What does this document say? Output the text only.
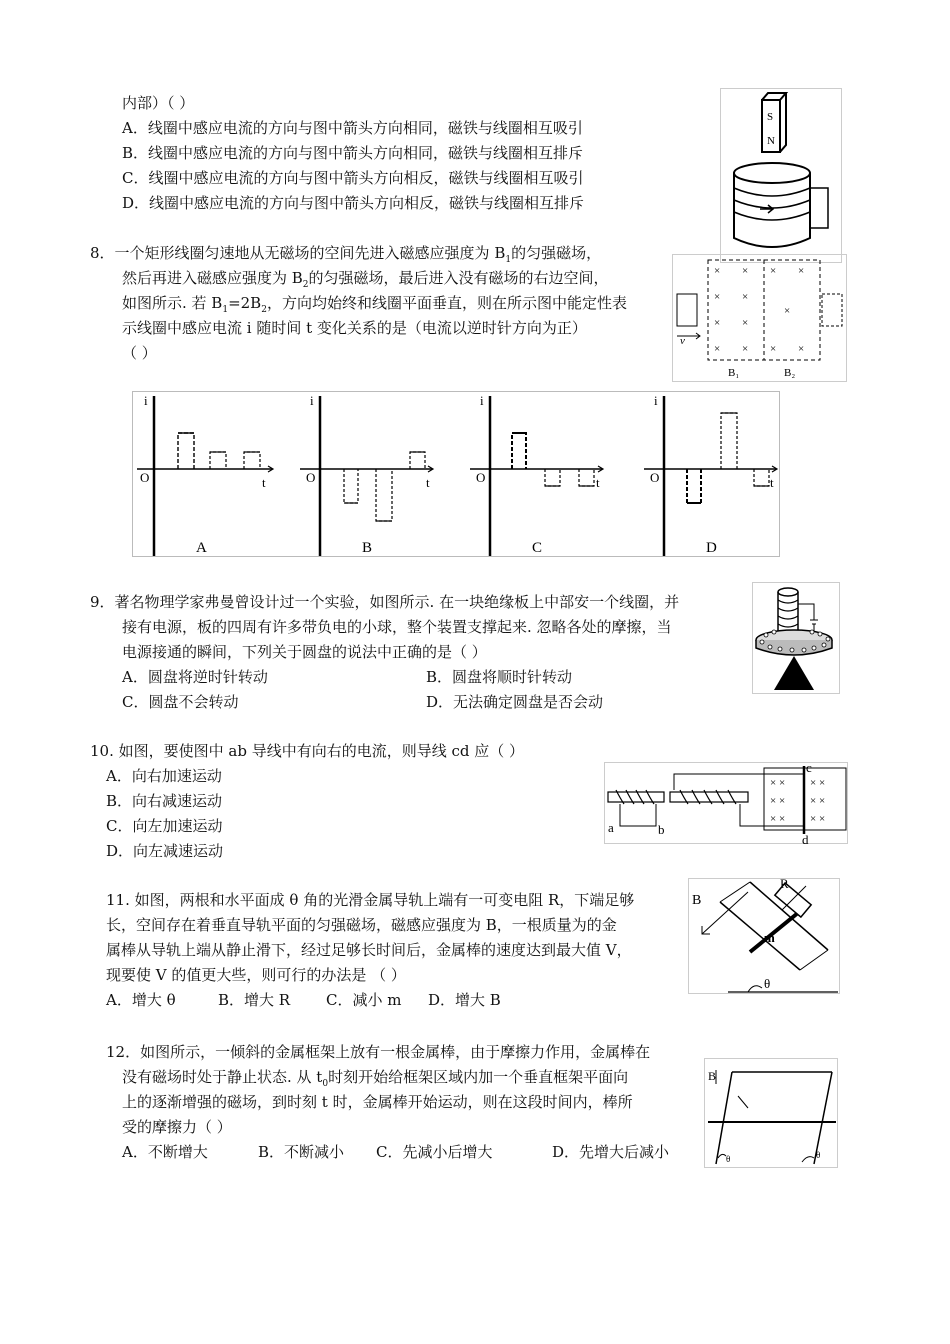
内部）（ ）
A．线圈中感应电流的方向与图中箭头方向相同，磁铁与线圈相互吸引
B．线圈中感应电流的方向与图中箭头方向相同，磁铁与线圈相互排斥
C．线圈中感应电流的方向与图中箭头方向相反，磁铁与线圈相互吸引
D．线圈中感应电流的方向与图中箭头方向相反，磁铁与线圈相互排斥
S
N
8．一个矩形线圈匀速地从无磁场的空间先进入磁感应强度为 $B_1$的匀强磁场，
然后再进入磁感应强度为 $B_2$的匀强磁场，最后进入没有磁场的右边空间，
如图所示. 若 $B_1=2B_2$，方向均始终和线圈平面垂直，则在所示图中能定性表
示线圈中感应电流 i 随时间 t 变化关系的是（电流以逆时针方向为正）
（ ）
v
× ×
× ×
× ×
× ×
× ×
×
× ×
B₁	B₂
i
O	t
i
O	t
i
O	t
i
O	t
A	B	C	D
9．著名物理学家弗曼曾设计过一个实验，如图所示. 在一块绝缘板上中部安一个线圈，并
接有电源，板的四周有许多带负电的小球，整个装置支撑起来. 忽略各处的摩擦，当
电源接通的瞬间，下列关于圆盘的说法中正确的是（ ）
A．圆盘将逆时针转动	B．圆盘将顺时针转动
C．圆盘不会转动	D．无法确定圆盘是否会动
10. 如图，要使图中 ab 导线中有向右的电流，则导线 cd 应（ ）
A．向右加速运动
B．向右减速运动
C．向左加速运动
D．向左减速运动
× × × ×
× × × ×
× × × ×
a	b
c
d
11. 如图，两根和水平面成 θ 角的光滑金属导轨上端有一可变电阻 R，下端足够
长，空间存在着垂直导轨平面的匀强磁场，磁感应强度为 B，一根质量为的金
属棒从导轨上端从静止滑下，经过足够长时间后，金属棒的速度达到最大值 V，
现要使 V 的值更大些，则可行的办法是 （ ）
A．增大 θ	B．增大 R C．减小 m D．增大 B
B
R
m
θ
12．如图所示，一倾斜的金属框架上放有一根金属棒，由于摩擦力作用，金属棒在
没有磁场时处于静止状态. 从 $t_0$时刻开始给框架区域内加一个垂直框架平面向
上的逐渐增强的磁场，到时刻 t 时，金属棒开始运动，则在这段时间内，棒所
受的摩擦力（ ）
A．不断增大	B．不断减小 C．先减小后增大	D．先增大后减小
B
θ	θ
